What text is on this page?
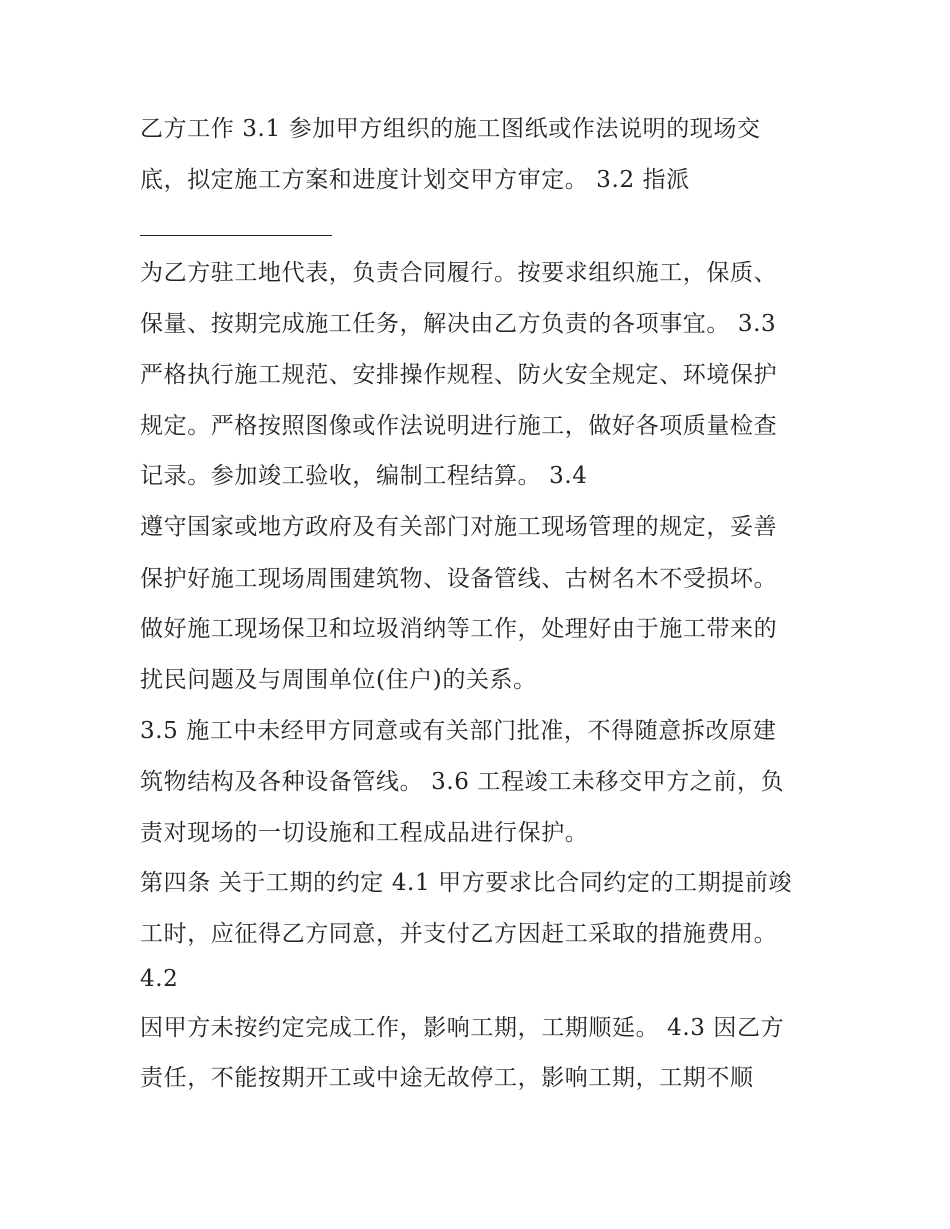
乙方工作 3.1 参加甲方组织的施工图纸或作法说明的现场交
底，拟定施工方案和进度计划交甲方审定。 3.2 指派
为乙方驻工地代表，负责合同履行。按要求组织施工，保质、
保量、按期完成施工任务，解决由乙方负责的各项事宜。 3.3
严格执行施工规范、安排操作规程、防火安全规定、环境保护
规定。严格按照图像或作法说明进行施工，做好各项质量检查
记录。参加竣工验收，编制工程结算。 3.4
遵守国家或地方政府及有关部门对施工现场管理的规定，妥善
保护好施工现场周围建筑物、设备管线、古树名木不受损坏。
做好施工现场保卫和垃圾消纳等工作，处理好由于施工带来的
扰民问题及与周围单位(住户)的关系。
3.5 施工中未经甲方同意或有关部门批准，不得随意拆改原建
筑物结构及各种设备管线。 3.6 工程竣工未移交甲方之前，负
责对现场的一切设施和工程成品进行保护。
第四条 关于工期的约定 4.1 甲方要求比合同约定的工期提前竣
工时，应征得乙方同意，并支付乙方因赶工采取的措施费用。
4.2
因甲方未按约定完成工作，影响工期，工期顺延。 4.3 因乙方
责任，不能按期开工或中途无故停工，影响工期，工期不顺
